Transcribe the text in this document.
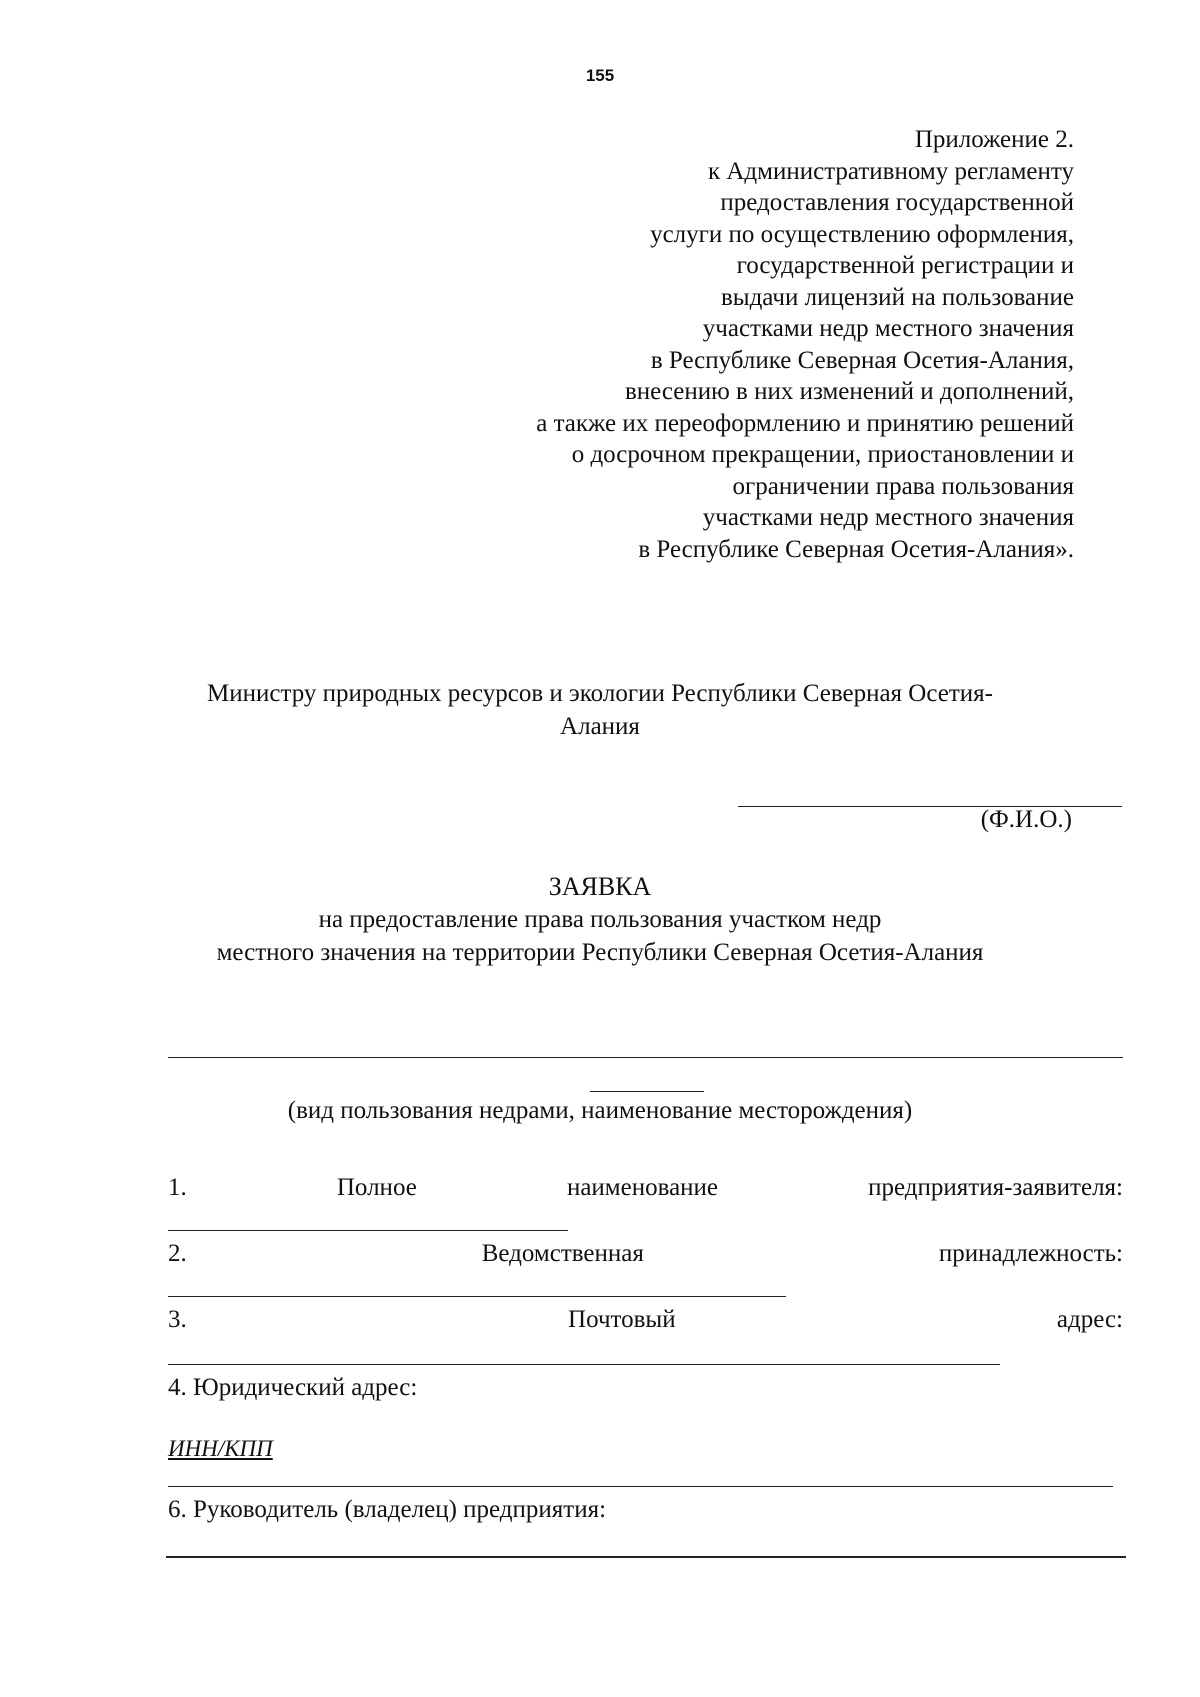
155
Приложение 2.
к Административному регламенту
предоставления государственной
услуги по осуществлению оформления,
государственной регистрации и
выдачи лицензий на пользование
участками недр местного значения
в Республике Северная Осетия-Алания,
внесению в них изменений и дополнений,
а также их переоформлению и принятию решений
о досрочном прекращении, приостановлении и
ограничении права пользования
участками недр местного значения
в Республике Северная Осетия-Алания».
Министру природных ресурсов и экологии Республики Северная Осетия-
Алания
(Ф.И.О.)
ЗАЯВКА
на предоставление права пользования участком недр
местного значения на территории Республики Северная Осетия-Алания
(вид пользования недрами, наименование месторождения)
1.	Полное	наименование	предприятия-заявителя:
2.	Ведомственная	принадлежность:
3.	Почтовый	адрес:
4. Юридический адрес:
ИНН/КПП
6. Руководитель (владелец) предприятия:
